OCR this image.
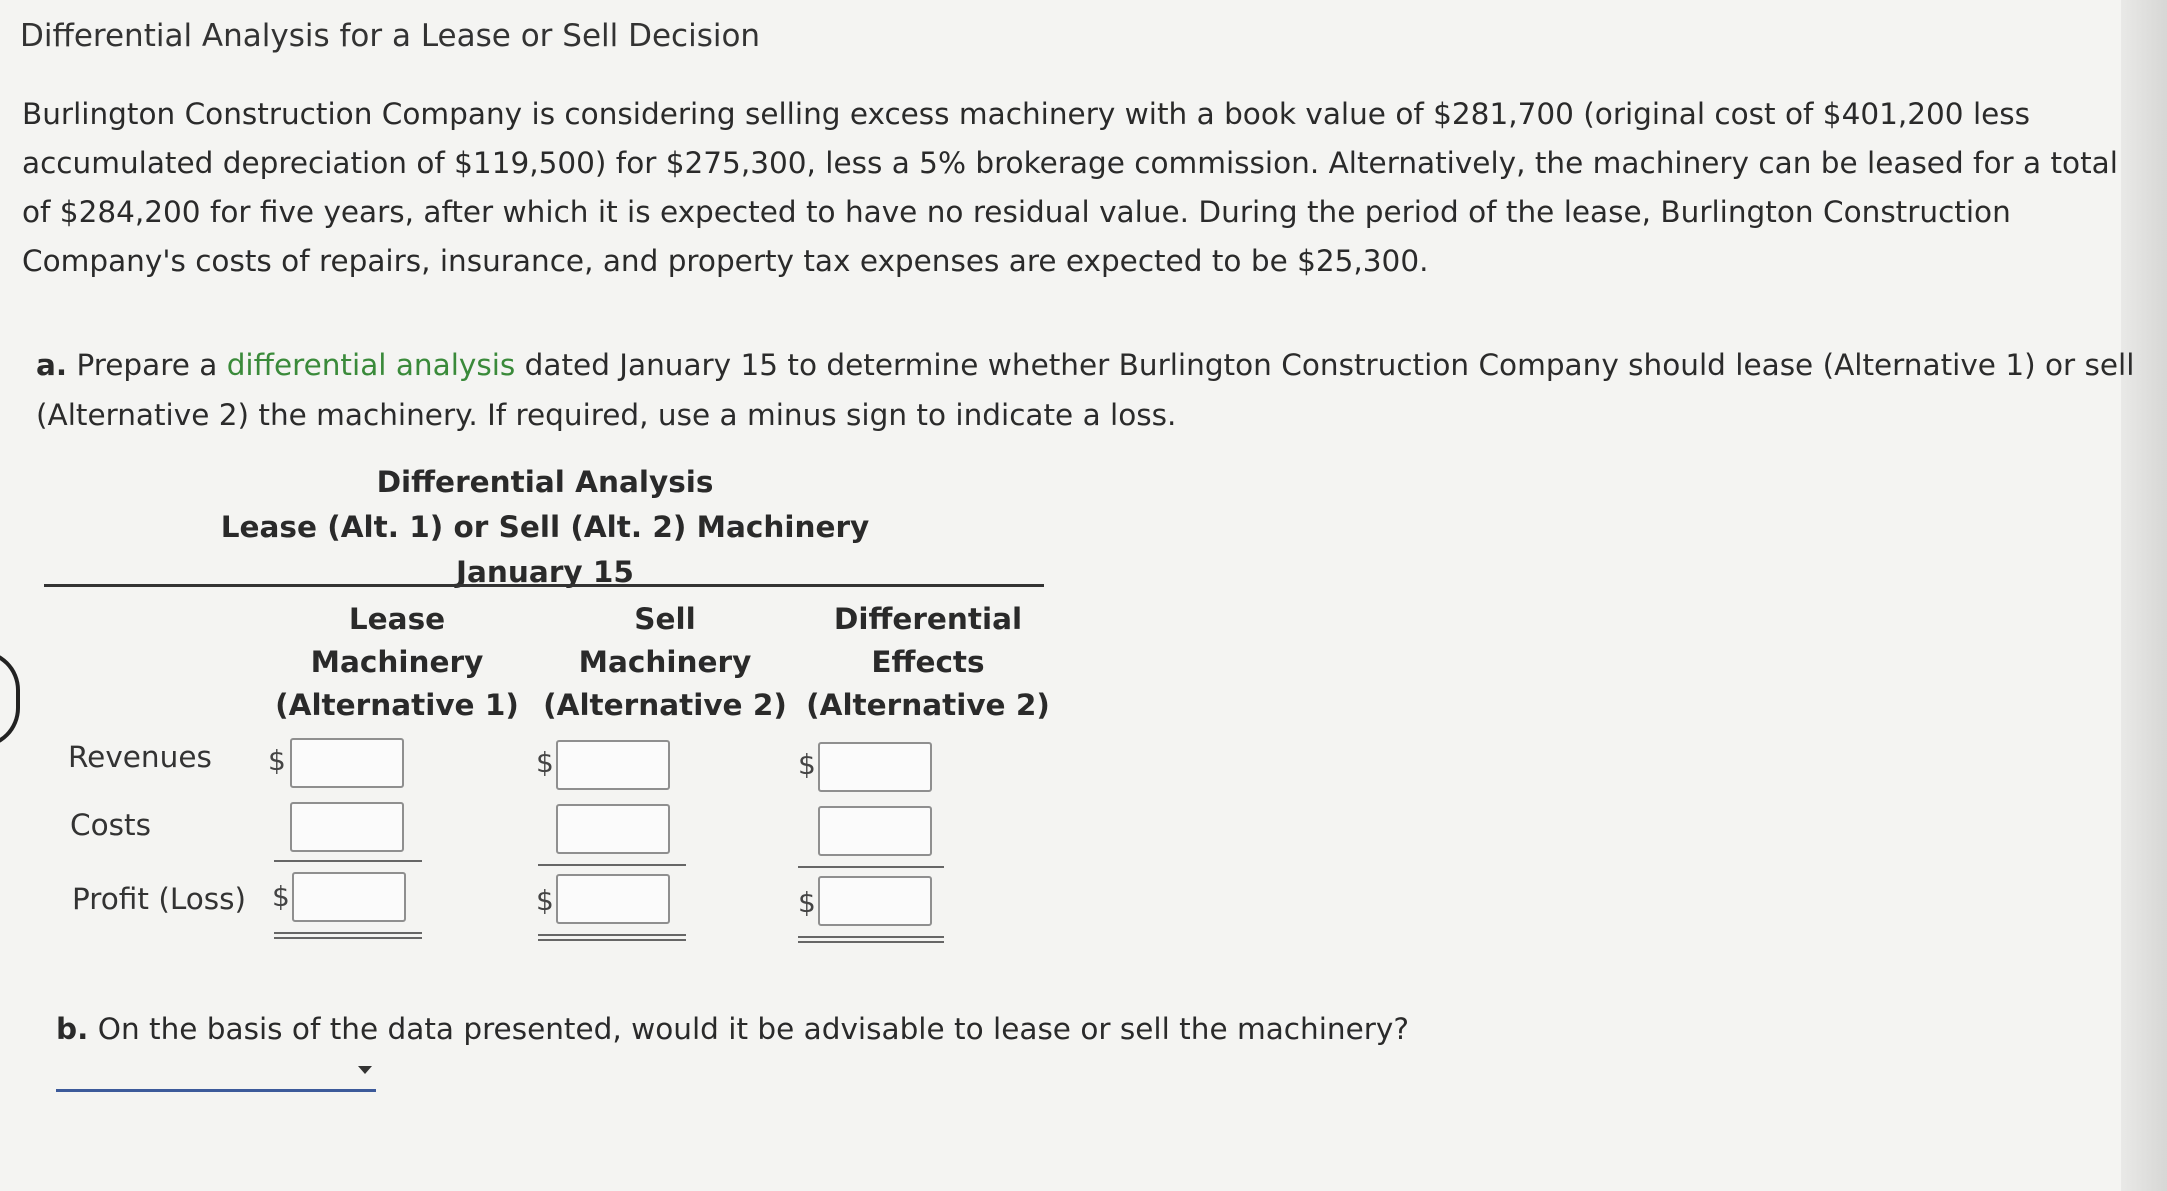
Differential Analysis for a Lease or Sell Decision
Burlington Construction Company is considering selling excess machinery with a book value of $281,700 (original cost of $401,200 less accumulated depreciation of $119,500) for $275,300, less a 5% brokerage commission. Alternatively, the machinery can be leased for a total of $284,200 for five years, after which it is expected to have no residual value. During the period of the lease, Burlington Construction Company's costs of repairs, insurance, and property tax expenses are expected to be $25,300.
a. Prepare a differential analysis dated January 15 to determine whether Burlington Construction Company should lease (Alternative 1) or sell (Alternative 2) the machinery. If required, use a minus sign to indicate a loss.
Differential Analysis
Lease (Alt. 1) or Sell (Alt. 2) Machinery
January 15
Lease
Machinery
(Alternative 1)
Sell
Machinery
(Alternative 2)
Differential
Effects
(Alternative 2)
Revenues
Costs
Profit (Loss)
$
$
$
$
$
$
b. On the basis of the data presented, would it be advisable to lease or sell the machinery?
